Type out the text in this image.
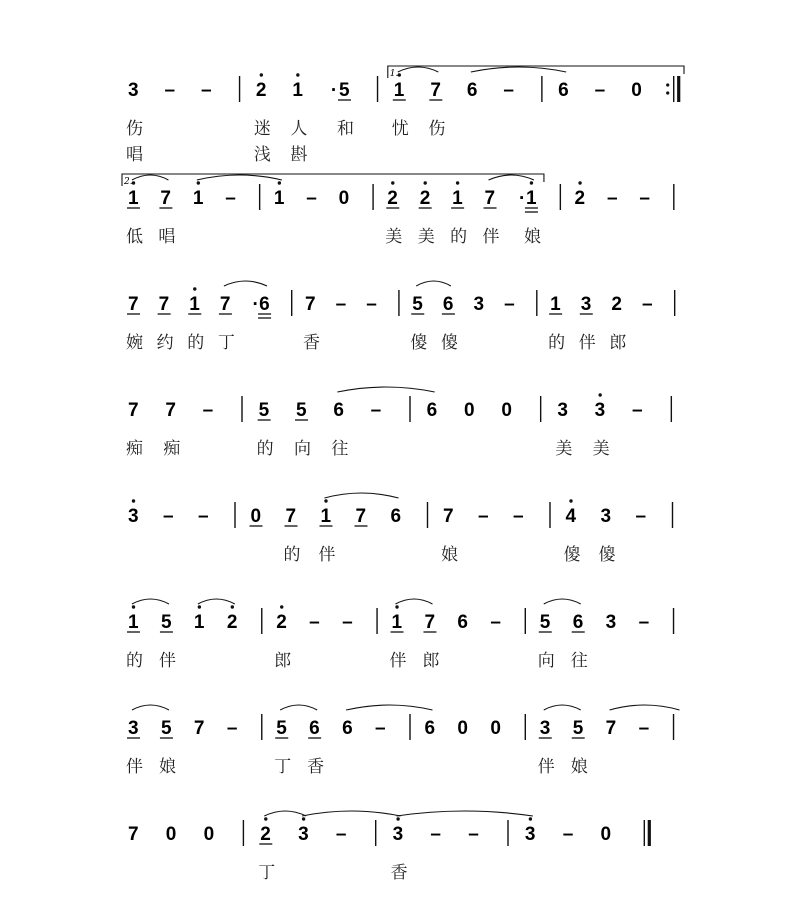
3
伤
唱
– – 2
迷
浅
1
人
斟
· 5
和
1
忧
7
伤
6 – 6 – 0
1.
1
低
7
唱
1 – 1 – 0 2
美
2
美
1
的
7
伴
· 1
娘
2 – –
2.
7
婉
7
约
1
的
7
丁
· 6 7
香
– – 5
傻
6
傻
3 – 1
的
3
伴
2
郎
–
7
痴
7
痴
– 5
的
5
向
6
往
– 6 0 0 3
美
3
美
–
3 – – 0 7
的
1
伴
7 6 7
娘
– – 4
傻
3
傻
–
1
的
5
伴
1 2 2
郎
– – 1
伴
7
郎
6 – 5
向
6
往
3 –
3
伴
5
娘
7 – 5
丁
6
香
6 – 6 0 0 3
伴
5
娘
7 –
7 0 0 2
丁
3 – 3
香
– – 3 – 0
